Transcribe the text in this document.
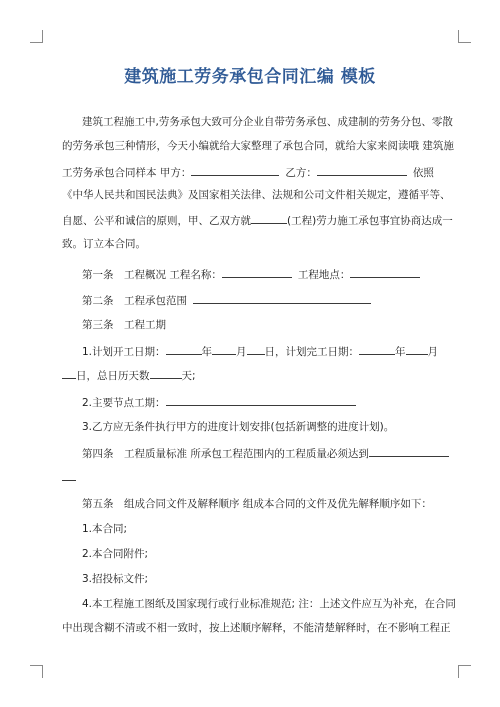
建筑施工劳务承包合同汇编 模板
建筑工程施工中,劳务承包大致可分企业自带劳务承包、成建制的劳务分包、零散
的劳务承包三种情形，今天小编就给大家整理了承包合同，就给大家来阅读哦 建筑施
工劳务承包合同样本 甲方：	乙方：	依照
《中华人民共和国民法典》及国家相关法律、法规和公司文件相关规定，遵循平等、
自愿、公平和诚信的原则，甲、乙双方就	(工程)劳力施工承包事宜协商达成一
致。订立本合同。
第一条　工程概况 工程名称：	工程地点：
第二条　工程承包范围
第三条　工程工期
1.计划开工日期：	年 月 日，计划完工日期：	年 月
日，总日历天数	天;
2.主要节点工期：
3.乙方应无条件执行甲方的进度计划安排(包括新调整的进度计划)。
第四条　工程质量标准 所承包工程范围内的工程质量必须达到
第五条　组成合同文件及解释顺序 组成本合同的文件及优先解释顺序如下：
1.本合同;
2.本合同附件;
3.招投标文件;
4.本工程施工图纸及国家现行或行业标准规范; 注：上述文件应互为补充，在合同
中出现含糊不清或不相一致时，按上述顺序解释，不能清楚解释时，在不影响工程正
